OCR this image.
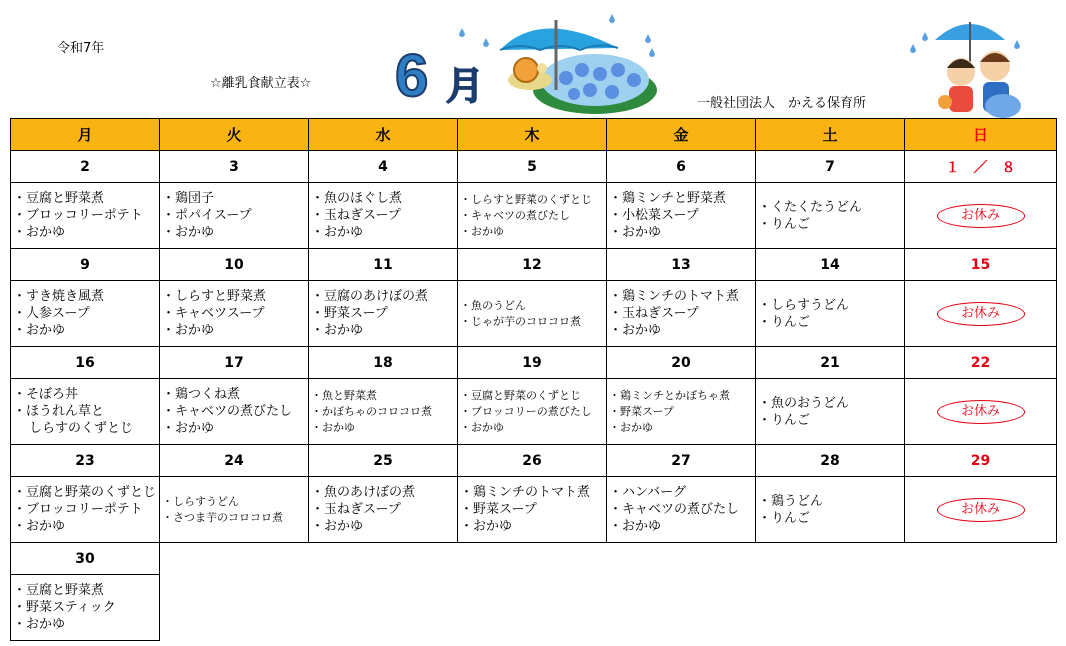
令和7年
☆離乳食献立表☆ 6 月	一般社団法人　かえる保育所
月	火	水	木	金	土	日
2	3	4	5	6	7	１　／　８

・豆腐と野菜煮
・ブロッコリーポテト
・おかゆ	・鶏団子
・ポパイスープ
・おかゆ	・魚のほぐし煮
・玉ねぎスープ
・おかゆ	・しらすと野菜のくずとじ
・キャベツの煮びたし
・おかゆ	・鶏ミンチと野菜煮
・小松菜スープ
・おかゆ	・くたくたうどん
・りんご	お休み

9	10	11	12	13	14	15

・すき焼き風煮
・人参スープ
・おかゆ	・しらすと野菜煮
・キャベツスープ
・おかゆ	・豆腐のあけぼの煮
・野菜スープ
・おかゆ	・魚のうどん
・じゃが芋のコロコロ煮	・鶏ミンチのトマト煮
・玉ねぎスープ
・おかゆ	・しらすうどん
・りんご	お休み

16	17	18	19	20	21	22

・そぼろ丼
・ほうれん草と
しらすのくずとじ	・鶏つくね煮
・キャベツの煮びたし
・おかゆ	・魚と野菜煮
・かぼちゃのコロコロ煮
・おかゆ	・豆腐と野菜のくずとじ
・ブロッコリーの煮びたし
・おかゆ	・鶏ミンチとかぼちゃ煮
・野菜スープ
・おかゆ	・魚のおうどん
・りんご	お休み

23	24	25	26	27	28	29

・豆腐と野菜のくずとじ
・ブロッコリーポテト
・おかゆ	・しらすうどん
・さつま芋のコロコロ煮	・魚のあけぼの煮
・玉ねぎスープ
・おかゆ	・鶏ミンチのトマト煮
・野菜スープ
・おかゆ	・ハンバーグ
・キャベツの煮びたし
・おかゆ	・鶏うどん
・りんご	お休み

30						

・豆腐と野菜煮
・野菜スティック
・おかゆ						
